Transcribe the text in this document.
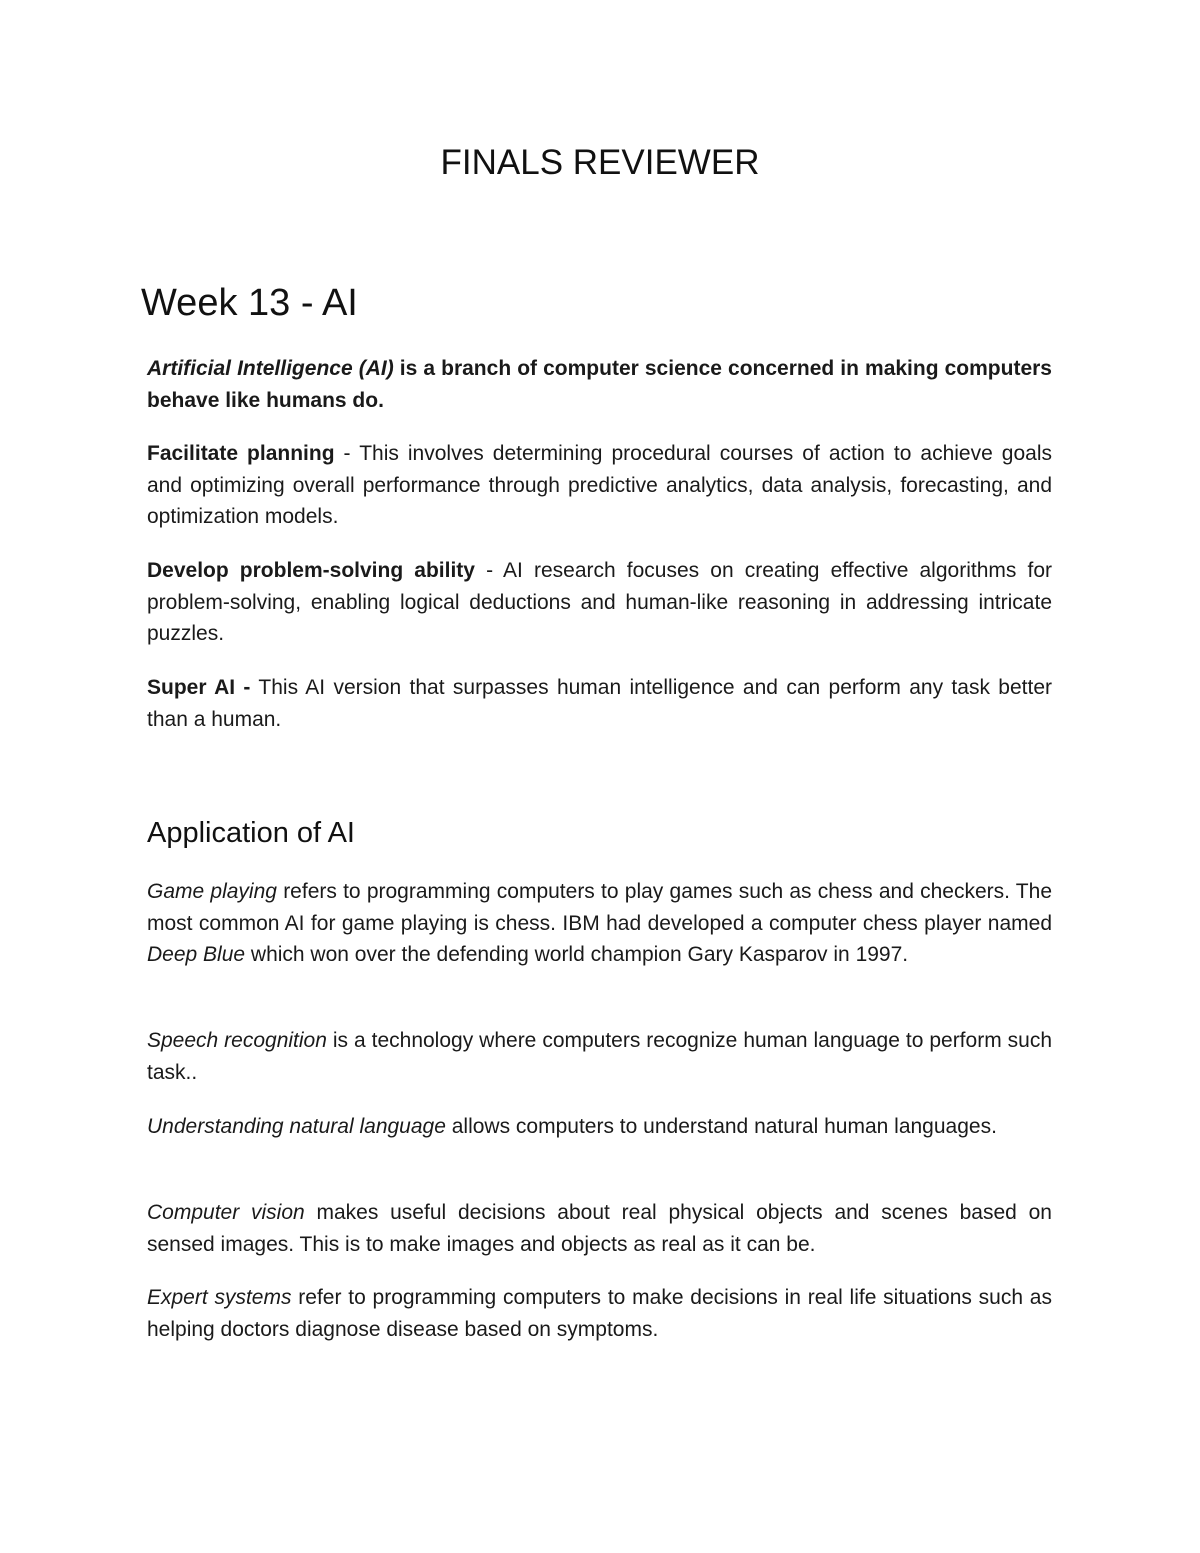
FINALS REVIEWER
Week 13 - AI

Artificial Intelligence (AI) is a branch of computer science concerned in making computers behave like humans do.

Facilitate planning - This involves determining procedural courses of action to achieve goals and optimizing overall performance through predictive analytics, data analysis, forecasting, and optimization models.

Develop problem-solving ability - AI research focuses on creating effective algorithms for problem-solving, enabling logical deductions and human-like reasoning in addressing intricate puzzles.

Super AI - This AI version that surpasses human intelligence and can perform any task better than a human.

Application of AI

Game playing refers to programming computers to play games such as chess and checkers. The most common AI for game playing is chess. IBM had developed a computer chess player named Deep Blue which won over the defending world champion Gary Kasparov in 1997.

Speech recognition is a technology where computers recognize human language to perform such task..

Understanding natural language allows computers to understand natural human languages.

Computer vision makes useful decisions about real physical objects and scenes based on sensed images. This is to make images and objects as real as it can be.

Expert systems refer to programming computers to make decisions in real life situations such as helping doctors diagnose disease based on symptoms.
